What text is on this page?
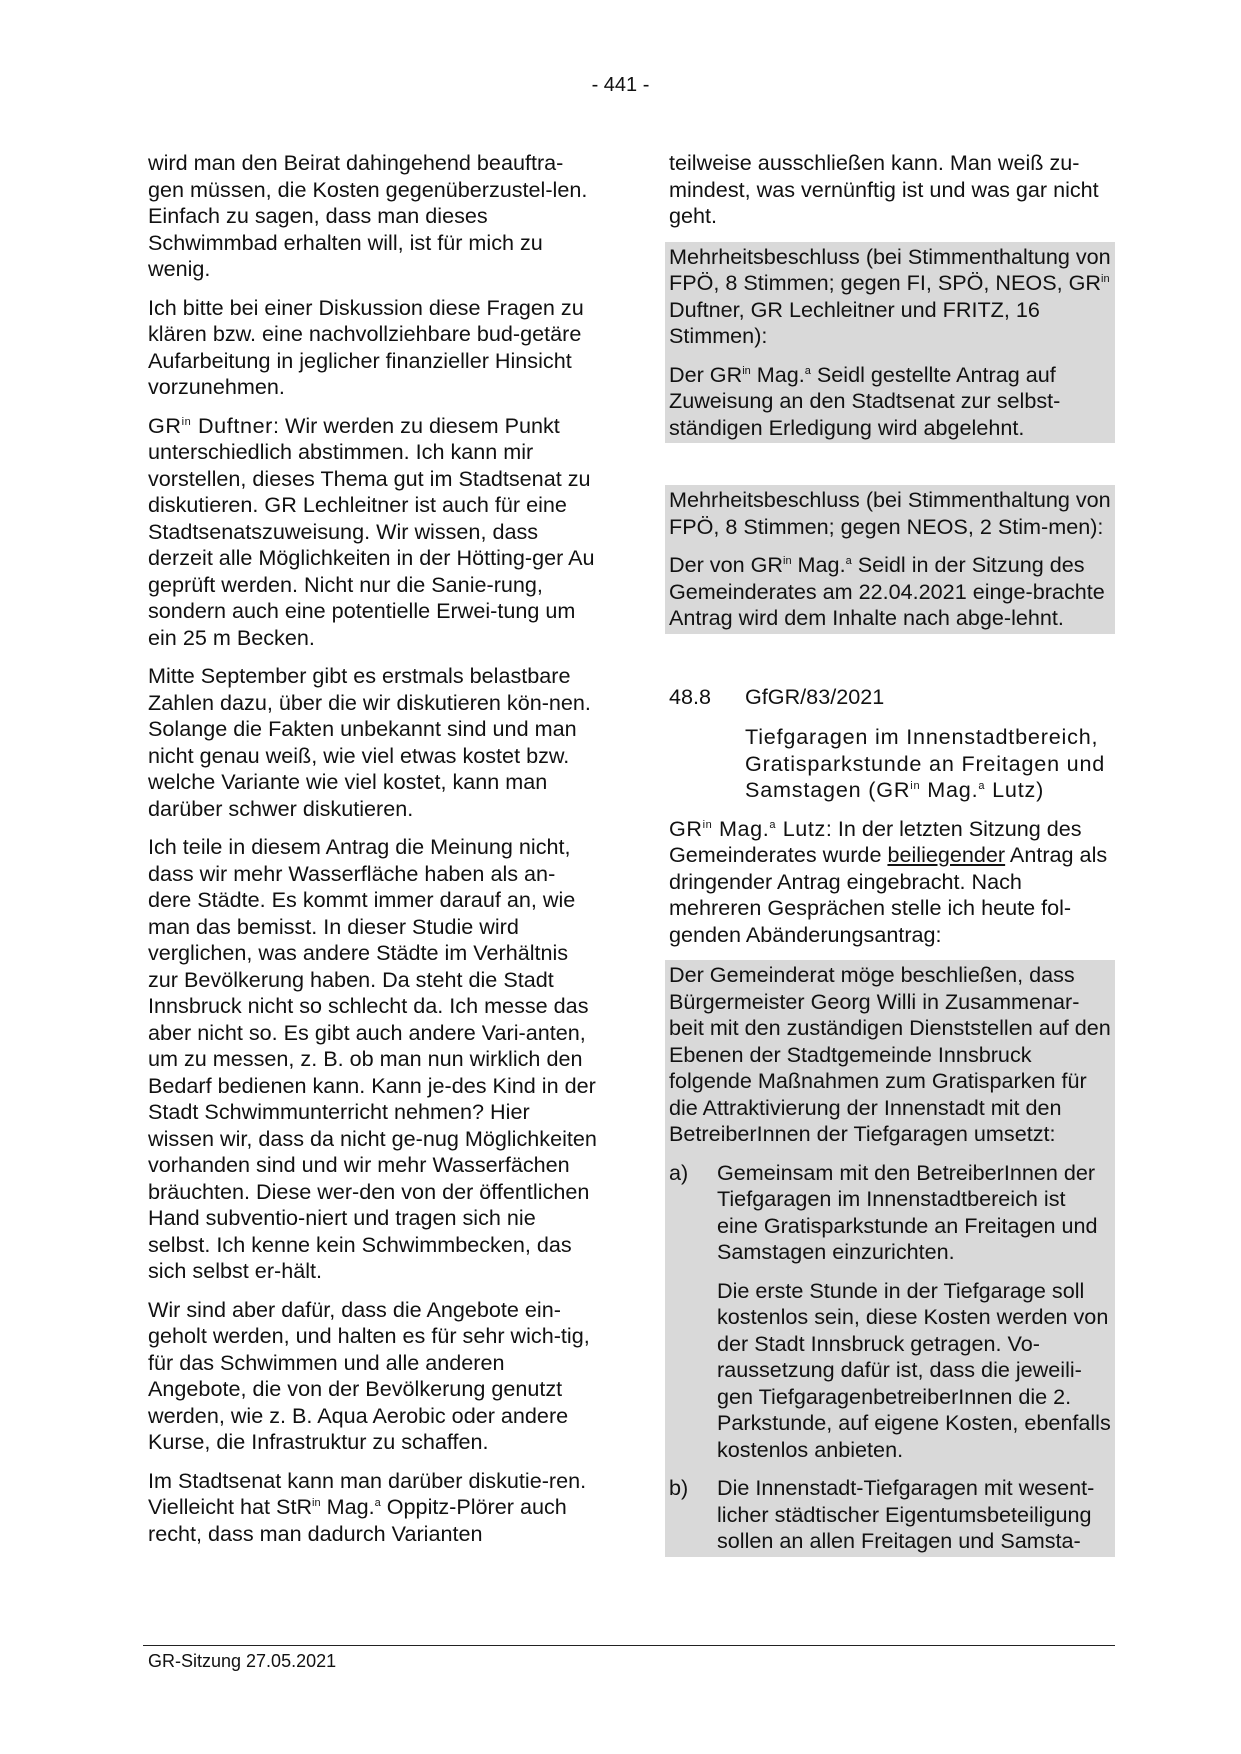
- 441 -

wird man den Beirat dahingehend beauftra-gen müssen, die Kosten gegenüberzustel-len. Einfach zu sagen, dass man dieses Schwimmbad erhalten will, ist für mich zu wenig.

Ich bitte bei einer Diskussion diese Fragen zu klären bzw. eine nachvollziehbare bud-getäre Aufarbeitung in jeglicher finanzieller Hinsicht vorzunehmen.

$GR^{in}$ Duftner: Wir werden zu diesem Punkt unterschiedlich abstimmen. Ich kann mir vorstellen, dieses Thema gut im Stadtsenat zu diskutieren. GR Lechleitner ist auch für eine Stadtsenatszuweisung. Wir wissen, dass derzeit alle Möglichkeiten in der Hötting-ger Au geprüft werden. Nicht nur die Sanie-rung, sondern auch eine potentielle Erwei-tung um ein 25 m Becken.

Mitte September gibt es erstmals belastbare Zahlen dazu, über die wir diskutieren kön-nen. Solange die Fakten unbekannt sind und man nicht genau weiß, wie viel etwas kostet bzw. welche Variante wie viel kostet, kann man darüber schwer diskutieren.

Ich teile in diesem Antrag die Meinung nicht, dass wir mehr Wasserfläche haben als an-dere Städte. Es kommt immer darauf an, wie man das bemisst. In dieser Studie wird verglichen, was andere Städte im Verhältnis zur Bevölkerung haben. Da steht die Stadt Innsbruck nicht so schlecht da. Ich messe das aber nicht so. Es gibt auch andere Vari-anten, um zu messen, z. B. ob man nun wirklich den Bedarf bedienen kann. Kann je-des Kind in der Stadt Schwimmunterricht nehmen? Hier wissen wir, dass da nicht ge-nug Möglichkeiten vorhanden sind und wir mehr Wasserfächen bräuchten. Diese wer-den von der öffentlichen Hand subventio-niert und tragen sich nie selbst. Ich kenne kein Schwimmbecken, das sich selbst er-hält.

Wir sind aber dafür, dass die Angebote ein-geholt werden, und halten es für sehr wich-tig, für das Schwimmen und alle anderen Angebote, die von der Bevölkerung genutzt werden, wie z. B. Aqua Aerobic oder andere Kurse, die Infrastruktur zu schaffen.

Im Stadtsenat kann man darüber diskutie-ren. Vielleicht hat StR$^{in}$ Mag.$^a$ Oppitz-Plörer auch recht, dass man dadurch Varianten

teilweise ausschließen kann. Man weiß zu-mindest, was vernünftig ist und was gar nicht geht.

Mehrheitsbeschluss (bei Stimmenthaltung von FPÖ, 8 Stimmen; gegen FI, SPÖ, NEOS, $GR^{in}$ Duftner, GR Lechleitner und FRITZ, 16 Stimmen):

Der $GR^{in}$ Mag.$^a$ Seidl gestellte Antrag auf Zuweisung an den Stadtsenat zur selbst-ständigen Erledigung wird abgelehnt.

Mehrheitsbeschluss (bei Stimmenthaltung von FPÖ, 8 Stimmen; gegen NEOS, 2 Stim-men):

Der von $GR^{in}$ Mag.$^a$ Seidl in der Sitzung des Gemeinderates am 22.04.2021 einge-brachte Antrag wird dem Inhalte nach abge-lehnt.

48.8	GfGR/83/2021
Tiefgaragen im Innenstadtbereich, Gratisparkstunde an Freitagen und Samstagen ($GR^{in}$ Mag.$^a$ Lutz)

$GR^{in}$ Mag.$^a$ Lutz: In der letzten Sitzung des Gemeinderates wurde beiliegender Antrag als dringender Antrag eingebracht. Nach mehreren Gesprächen stelle ich heute fol-genden Abänderungsantrag:

Der Gemeinderat möge beschließen, dass Bürgermeister Georg Willi in Zusammenar-beit mit den zuständigen Dienststellen auf den Ebenen der Stadtgemeinde Innsbruck folgende Maßnahmen zum Gratisparken für die Attraktivierung der Innenstadt mit den BetreiberInnen der Tiefgaragen umsetzt:

a)	Gemeinsam mit den BetreiberInnen der Tiefgaragen im Innenstadtbereich ist eine Gratisparkstunde an Freitagen und Samstagen einzurichten.

Die erste Stunde in der Tiefgarage soll kostenlos sein, diese Kosten werden von der Stadt Innsbruck getragen. Vo-raussetzung dafür ist, dass die jeweili-gen TiefgaragenbetreiberInnen die 2. Parkstunde, auf eigene Kosten, ebenfalls kostenlos anbieten.

b)	Die Innenstadt-Tiefgaragen mit wesent-licher städtischer Eigentumsbeteiligung sollen an allen Freitagen und Samsta-

GR-Sitzung 27.05.2021
